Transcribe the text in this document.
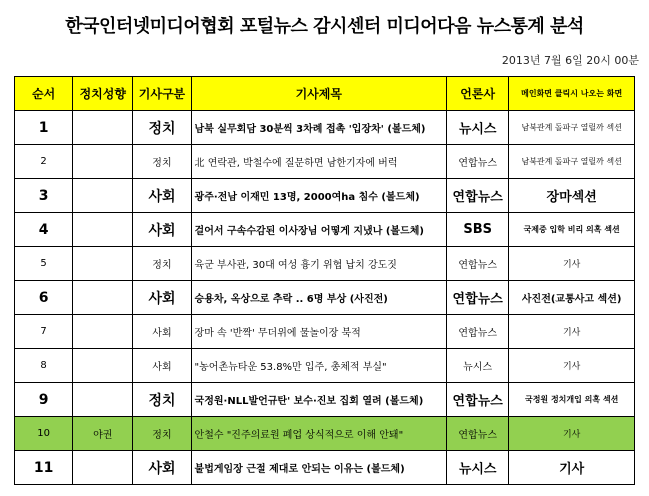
한국인터넷미디어협회 포털뉴스 감시센터 미디어다음 뉴스통계 분석
2013년 7월 6일 20시 00분
순서	정치성향	기사구분	기사제목	언론사	메인화면 클릭시 나오는 화면
1		정치	남북 실무회담 30분씩 3차례 접촉 '입장차' (볼드체)	뉴시스	남북관계 돌파구 열릴까 섹션
2		정치	北 연락관, 박철수에 질문하면 남한기자에 버럭	연합뉴스	남북관계 돌파구 열릴까 섹션
3		사회	광주·전남 이재민 13명, 2000여ha 침수 (볼드체)	연합뉴스	장마섹션
4		사회	걸어서 구속수감된 이사장님 어떻게 지냈나 (볼드체)	SBS	국제중 입학 비리 의혹 섹션
5		정치	육군 부사관, 30대 여성 흉기 위협 납치 강도짓	연합뉴스	기사
6		사회	승용차, 옥상으로 추락 .. 6명 부상 (사진전)	연합뉴스	사진전(교통사고 섹션)
7		사회	장마 속 '반짝' 무더위에 물놀이장 북적	연합뉴스	기사
8		사회	"농어촌뉴타운 53.8%만 입주, 총체적 부실"	뉴시스	기사
9		정치	국정원·NLL발언규탄' 보수·진보 집회 열려 (볼드체)	연합뉴스	국정원 정치개입 의혹 섹션
10	야권	정치	안철수 "진주의료원 폐업 상식적으로 이해 안돼"	연합뉴스	기사
11		사회	불법게임장 근절 제대로 안되는 이유는 (볼드체)	뉴시스	기사
